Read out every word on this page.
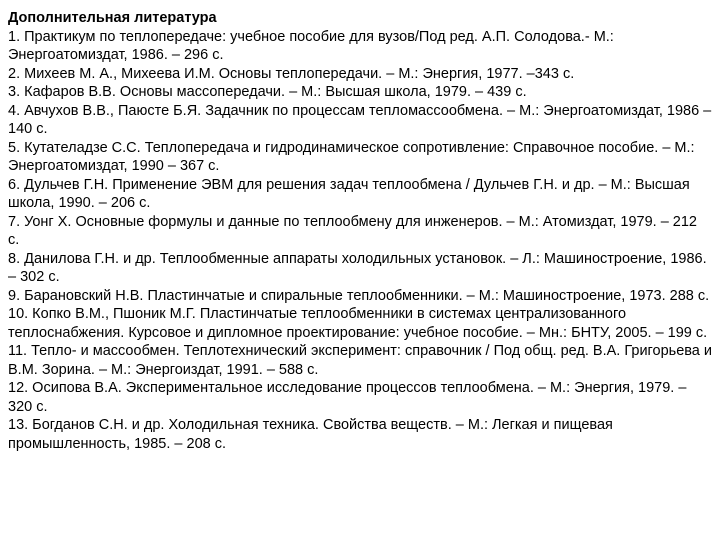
Дополнительная литература
1. Практикум по теплопередаче: учебное пособие для вузов/Под ред. А.П. Солодова.- М.: Энергоатомиздат, 1986. – 296 с.
2. Михеев М. А., Михеева И.М. Основы теплопередачи. – М.: Энергия, 1977. –343 с.
3. Кафаров В.В. Основы массопередачи. – М.: Высшая школа, 1979. – 439 с.
4. Авчухов В.В., Паюсте Б.Я. Задачник по процессам тепломассообмена. – М.: Энергоатомиздат, 1986 – 140 с.
5. Кутателадзе С.С. Теплопередача и гидродинамическое сопротивление: Справочное пособие. – М.: Энергоатомиздат, 1990 – 367 с.
6. Дульчев Г.Н. Применение ЭВМ для решения задач теплообмена / Дульчев Г.Н. и др. – М.: Высшая школа, 1990. – 206 с.
7. Уонг Х. Основные формулы и данные по теплообмену для инженеров. – М.: Атомиздат, 1979. – 212 с.
8. Данилова Г.Н. и др. Теплообменные аппараты холодильных установок. – Л.: Машиностроение, 1986. – 302 с.
9. Барановский Н.В. Пластинчатые и спиральные теплообменники. – М.: Машиностроение, 1973. 288 с.
10. Копко В.М., Пшоник М.Г. Пластинчатые теплообменники в системах централизованного теплоснабжения. Курсовое и дипломное проектирование: учебное пособие. – Мн.: БНТУ, 2005. – 199 с.
11. Тепло- и массообмен. Теплотехнический эксперимент: справочник / Под общ. ред. В.А. Григорьева и В.М. Зорина. – М.: Энергоиздат, 1991. – 588 с.
12. Осипова В.А. Экспериментальное исследование процессов теплообмена. – М.: Энергия, 1979. – 320 с.
13. Богданов С.Н. и др. Холодильная техника. Свойства веществ. – М.: Легкая и пищевая промышленность, 1985. – 208 с.
